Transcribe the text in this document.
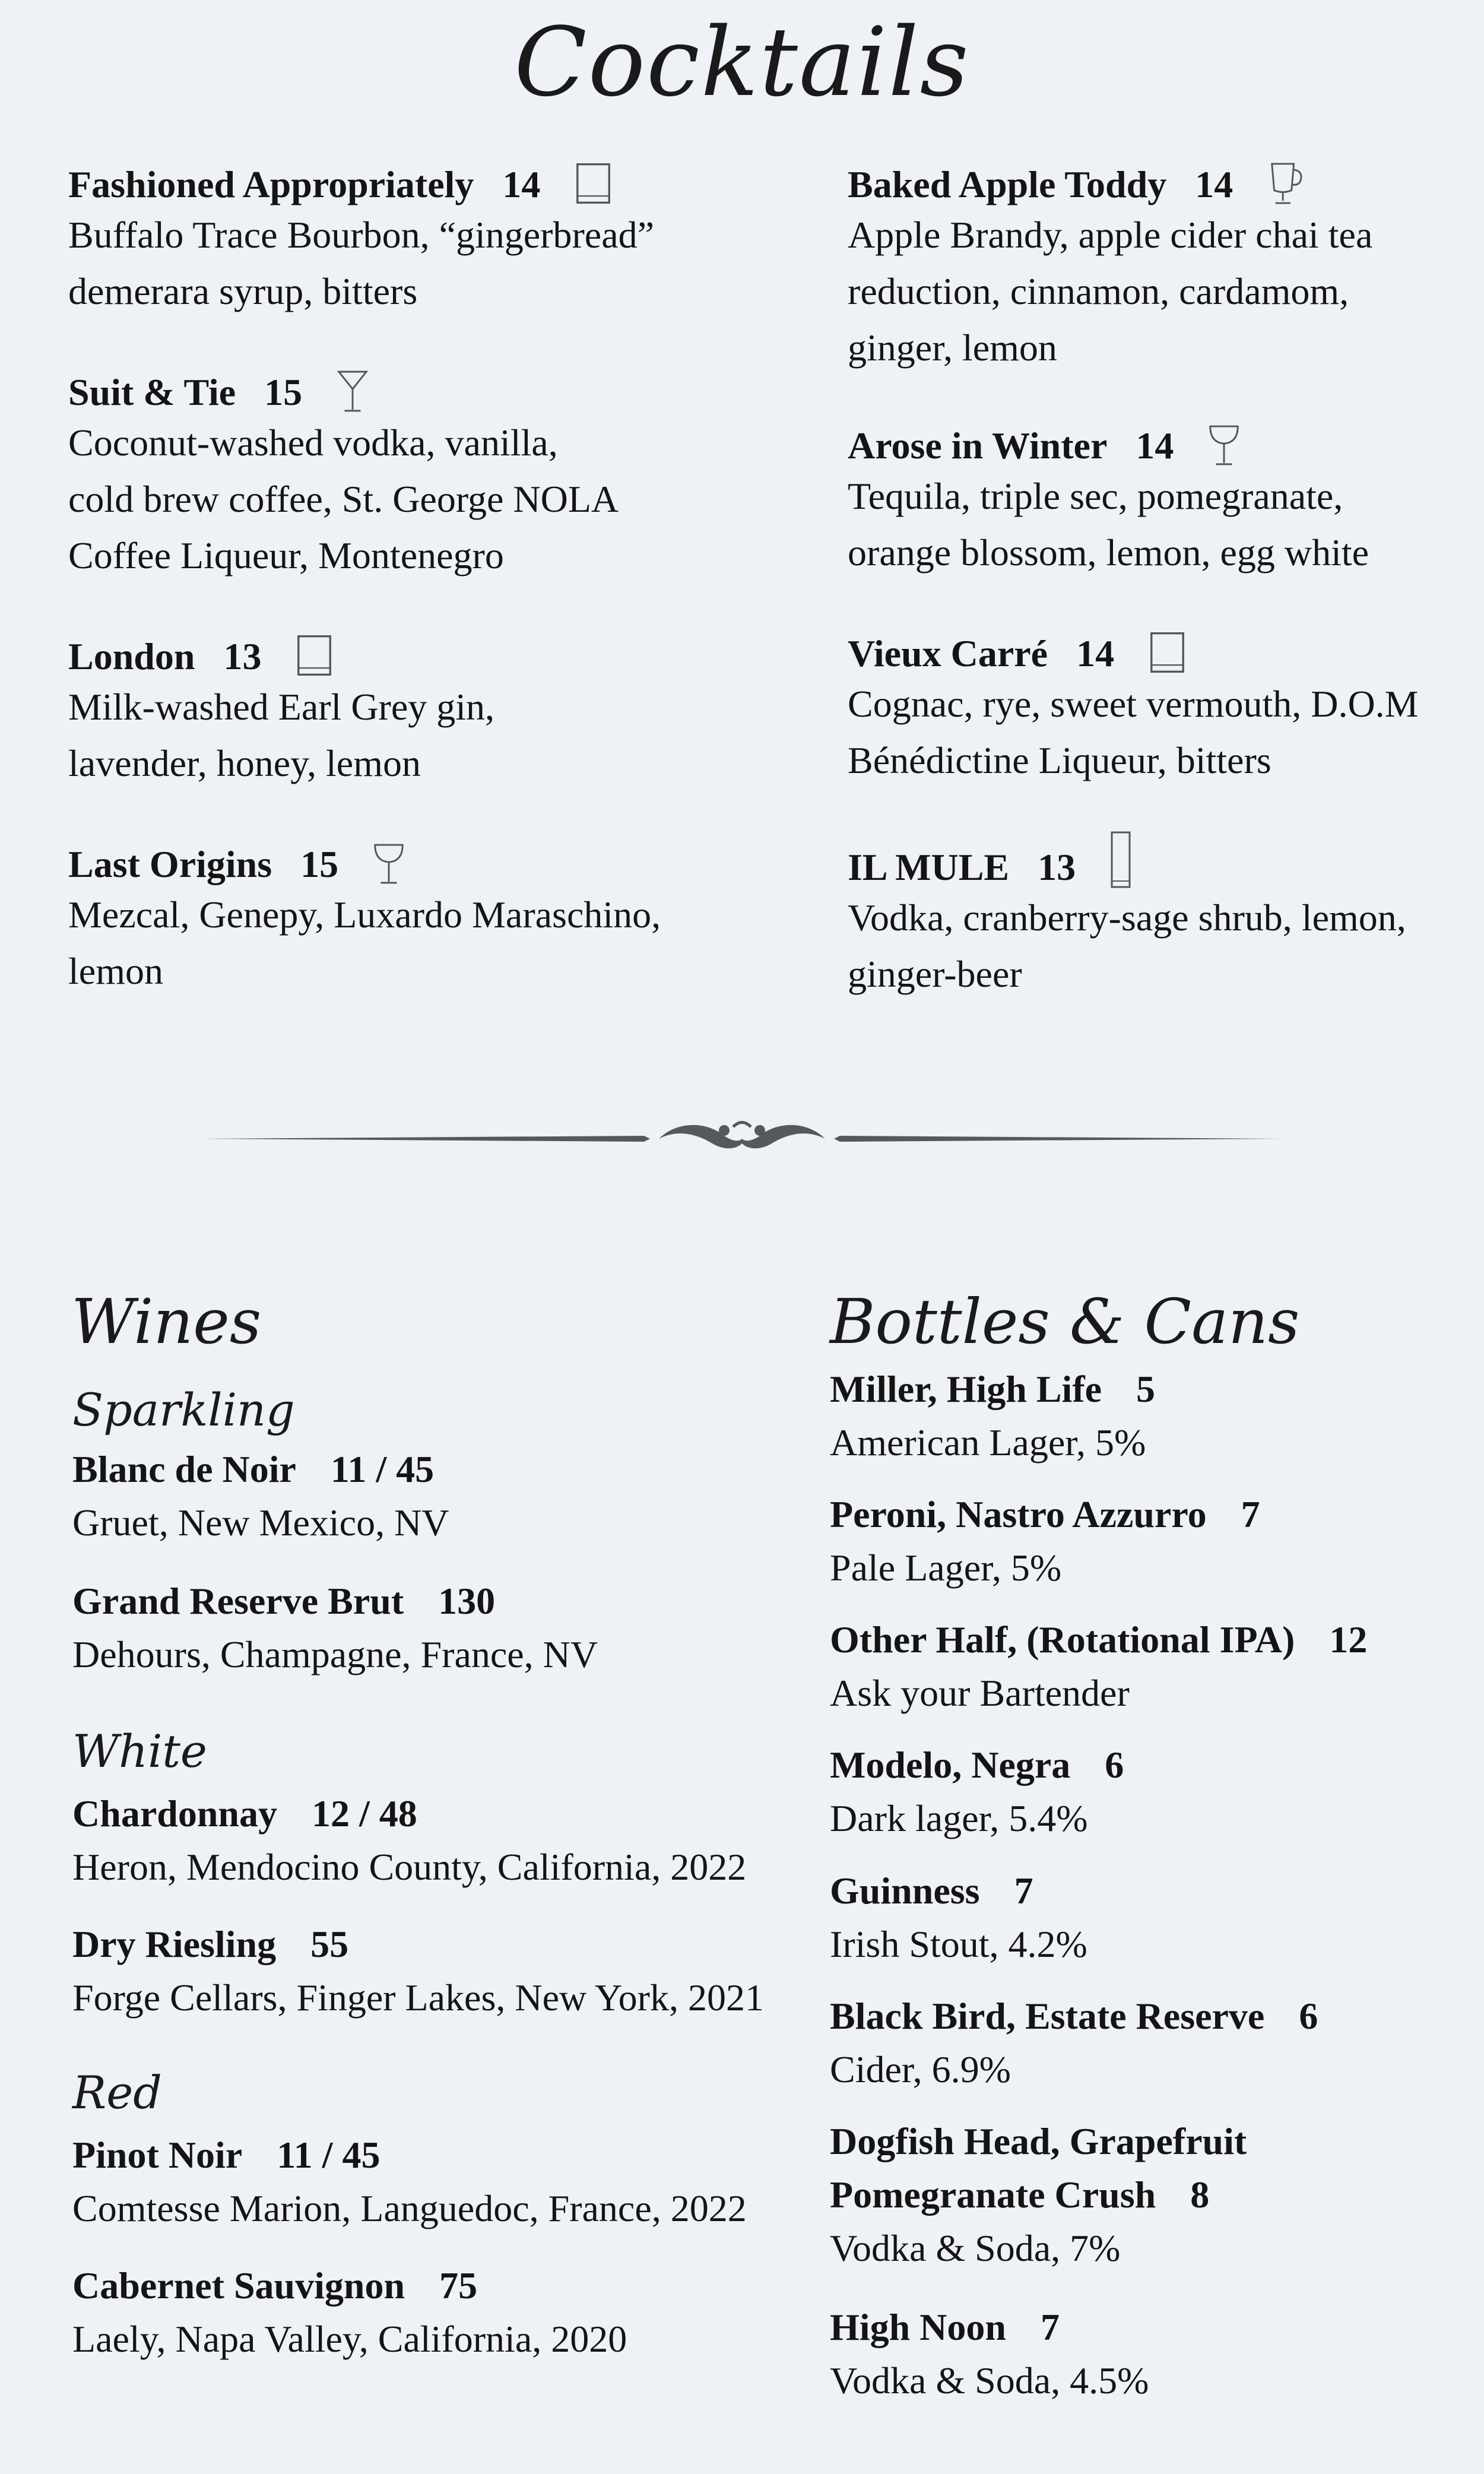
Cocktails
Fashioned Appropriately 14
Buffalo Trace Bourbon, “gingerbread”
demerara syrup, bitters
Suit & Tie 15
Coconut-washed vodka, vanilla,
cold brew coffee, St. George NOLA
Coffee Liqueur, Montenegro
London 13
Milk-washed Earl Grey gin,
lavender, honey, lemon
Last Origins 15
Mezcal, Genepy, Luxardo Maraschino,
lemon
Baked Apple Toddy 14
Apple Brandy, apple cider chai tea
reduction, cinnamon, cardamom,
ginger, lemon
Arose in Winter 14
Tequila, triple sec, pomegranate,
orange blossom, lemon, egg white
Vieux Carré 14
Cognac, rye, sweet vermouth, D.O.M
Bénédictine Liqueur, bitters
IL MULE 13
Vodka, cranberry-sage shrub, lemon,
ginger-beer
Wines
Sparkling
Blanc de Noir 11 / 45
Gruet, New Mexico, NV
Grand Reserve Brut 130
Dehours, Champagne, France, NV
White
Chardonnay 12 / 48
Heron, Mendocino County, California, 2022
Dry Riesling 55
Forge Cellars, Finger Lakes, New York, 2021
Red
Pinot Noir 11 / 45
Comtesse Marion, Languedoc, France, 2022
Cabernet Sauvignon 75
Laely, Napa Valley, California, 2020
Bottles & Cans
Miller, High Life 5
American Lager, 5%
Peroni, Nastro Azzurro 7
Pale Lager, 5%
Other Half, (Rotational IPA) 12
Ask your Bartender
Modelo, Negra 6
Dark lager, 5.4%
Guinness 7
Irish Stout, 4.2%
Black Bird, Estate Reserve 6
Cider, 6.9%
Dogfish Head, Grapefruit
Pomegranate Crush 8
Vodka & Soda, 7%
High Noon 7
Vodka & Soda, 4.5%
